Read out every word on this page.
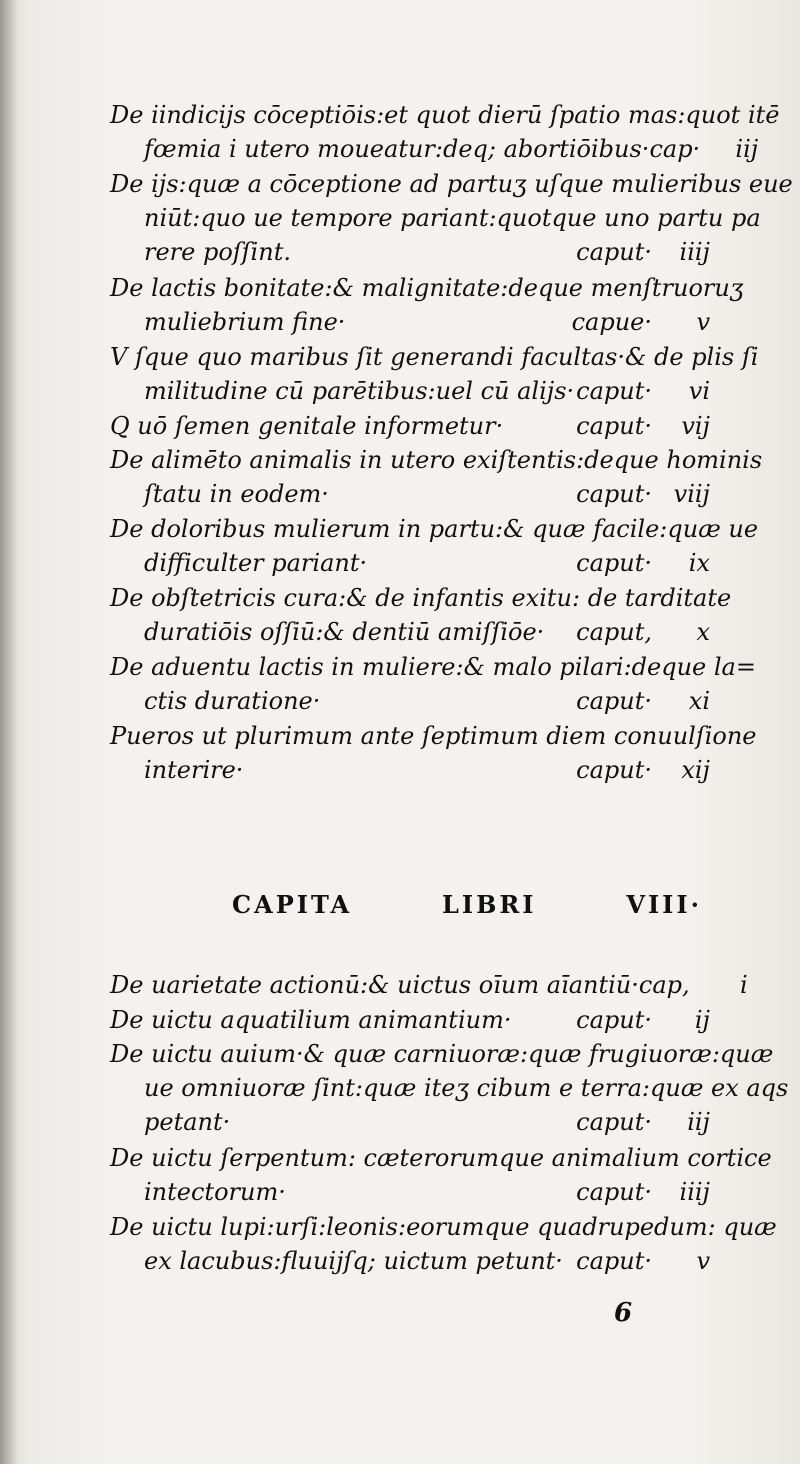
De iindicijs cōceptiōis:et quot dierū ſpatio mas:quot itē
fœmia i utero moueatur:deq; abortiōibus· cap·	iij
De ijs:quæ a cōceptione ad partuʒ uſque mulieribus eue
niūt:quo ue tempore pariant:quotque uno partu pa
rere poſſint.	caput·	iiij
De lactis bonitate:& malignitate:deque menſtruoruʒ
muliebrium fine·	capue·	v
V ſque quo maribus ſit generandi facultas·& de plis ſi
militudine cū parētibus:uel cū alijs· caput·	vi
Q uō ſemen genitale informetur·	caput·	vij
De alimēto animalis in utero exiſtentis:deque hominis
ſtatu in eodem·	caput· viij
De doloribus mulierum in partu:& quæ facile:quæ ue
difficulter pariant·	caput·	ix
De obſtetricis cura:& de infantis exitu: de tarditate
duratiōis oſſiū:& dentiū amiſſiōe· caput,	x
De aduentu lactis in muliere:& malo pilari:deque la=
ctis duratione·	caput·	xi
Pueros ut plurimum ante ſeptimum diem conuulſione
interire·	caput·	xij
CAPITA	LIBRI	VIII·
De uarietate actionū:& uictus oīum aīantiū· cap,	i
De uictu aquatilium animantium·	caput·	ij
De uictu auium·& quæ carniuoræ:quæ frugiuoræ:quæ
ue omniuoræ ſint:quæ iteʒ cibum e terra:quæ ex aqs
petant·	caput·	iij
De uictu ſerpentum: cæterorumque animalium cortice
intectorum·	caput·	iiij
De uictu lupi:urſi:leonis:eorumque quadrupedum: quæ
ex lacubus:fluuijſq; uictum petunt· caput·	v
6
